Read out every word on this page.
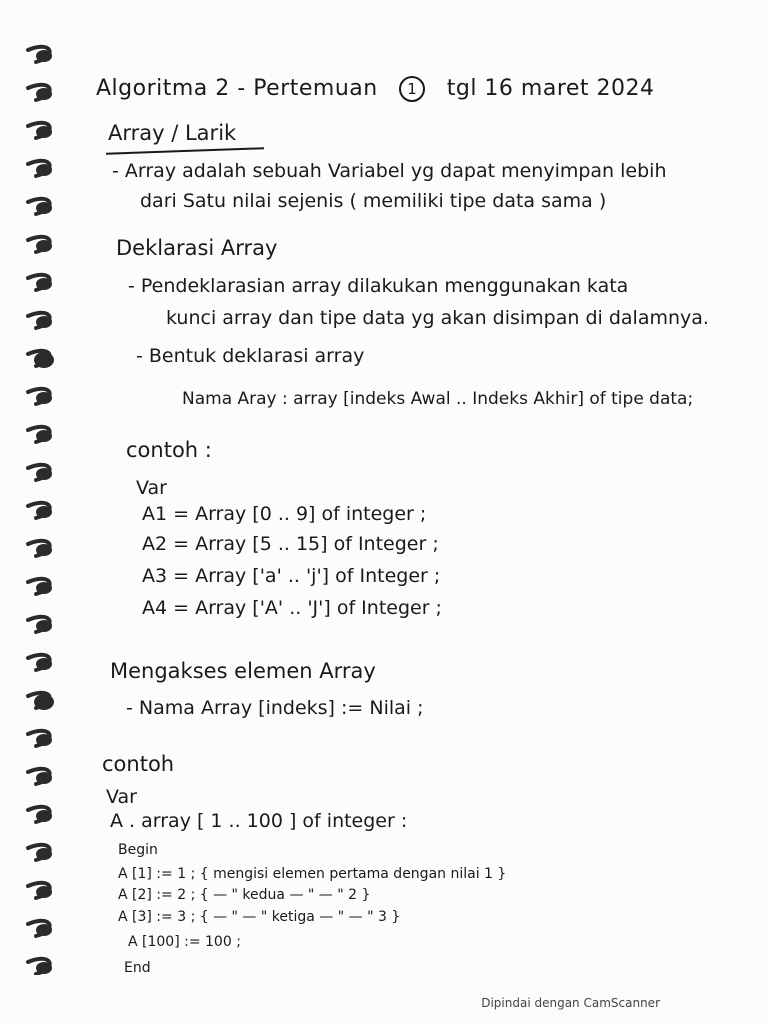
Algoritma 2 - Pertemuan 1 tgl 16 maret 2024
Array / Larik
- Array adalah sebuah Variabel yg dapat menyimpan lebih
dari Satu nilai sejenis ( memiliki tipe data sama )
Deklarasi Array
- Pendeklarasian array dilakukan menggunakan kata
kunci array dan tipe data yg akan disimpan di dalamnya.
- Bentuk deklarasi array
Nama Aray : array [indeks Awal .. Indeks Akhir] of tipe data;
contoh :
Var
A1 = Array [0 .. 9] of integer ;
A2 = Array [5 .. 15] of Integer ;
A3 = Array ['a' .. 'j'] of Integer ;
A4 = Array ['A' .. 'J'] of Integer ;
Mengakses elemen Array
- Nama Array [indeks] := Nilai ;
contoh
Var
A . array [ 1 .. 100 ] of integer :
Begin
A [1] := 1 ; { mengisi elemen pertama dengan nilai 1 }
A [2] := 2 ; { — " kedua — " — " 2 }
A [3] := 3 ; { — " — " ketiga — " — " 3 }
A [100] := 100 ;
End
Dipindai dengan CamScanner
